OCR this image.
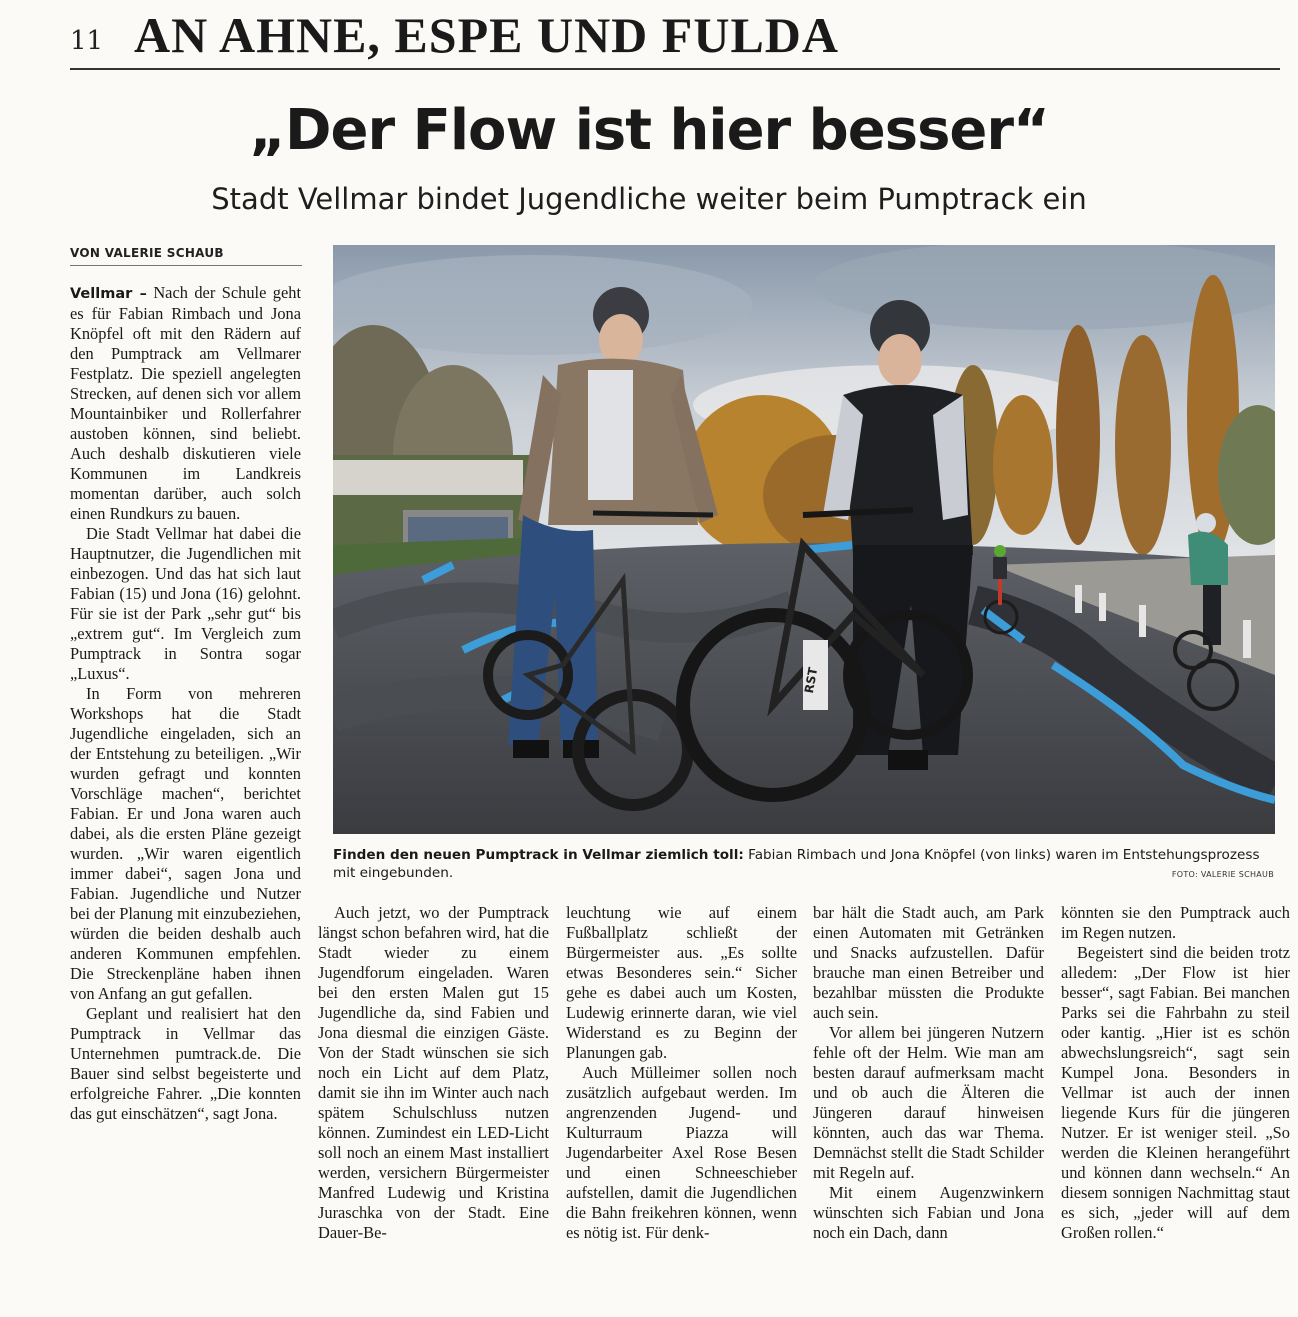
11 AN AHNE, ESPE UND FULDA
„Der Flow ist hier besser“
Stadt Vellmar bindet Jugendliche weiter beim Pumptrack ein
VON VALERIE SCHAUB

Vellmar – Nach der Schule geht es für Fabian Rimbach und Jona Knöpfel oft mit den Rädern auf den Pumptrack am Vellmarer Festplatz. Die speziell angelegten Strecken, auf denen sich vor allem Mountainbiker und Rollerfahrer austoben können, sind beliebt. Auch deshalb diskutieren viele Kommunen im Landkreis momentan darüber, auch solch einen Rundkurs zu bauen.

Die Stadt Vellmar hat dabei die Hauptnutzer, die Jugendlichen mit einbezogen. Und das hat sich laut Fabian (15) und Jona (16) gelohnt. Für sie ist der Park „sehr gut“ bis „extrem gut“. Im Vergleich zum Pumptrack in Sontra sogar „Luxus“.

In Form von mehreren Workshops hat die Stadt Jugendliche eingeladen, sich an der Entstehung zu beteiligen. „Wir wurden gefragt und konnten Vorschläge machen“, berichtet Fabian. Er und Jona waren auch dabei, als die ersten Pläne gezeigt wurden. „Wir waren eigentlich immer dabei“, sagen Jona und Fabian. Jugendliche und Nutzer bei der Planung mit einzubeziehen, würden die beiden deshalb auch anderen Kommunen empfehlen. Die Streckenpläne haben ihnen von Anfang an gut gefallen.

Geplant und realisiert hat den Pumptrack in Vellmar das Unternehmen pumtrack.de. Die Bauer sind selbst begeisterte und erfolgreiche Fahrer. „Die konnten das gut einschätzen“, sagt Jona.

RST
Finden den neuen Pumptrack in Vellmar ziemlich toll: Fabian Rimbach und Jona Knöpfel (von links) waren im Entstehungsprozess mit eingebunden.	FOTO: VALERIE SCHAUB

Auch jetzt, wo der Pumptrack längst schon befahren wird, hat die Stadt wieder zu einem Jugendforum eingeladen. Waren bei den ersten Malen gut 15 Jugendliche da, sind Fabien und Jona diesmal die einzigen Gäste. Von der Stadt wünschen sie sich noch ein Licht auf dem Platz, damit sie ihn im Winter auch nach spätem Schulschluss nutzen können. Zumindest ein LED-Licht soll noch an einem Mast installiert werden, versichern Bürgermeister Manfred Ludewig und Kristina Juraschka von der Stadt. Eine Dauer-Be-

leuchtung wie auf einem Fußballplatz schließt der Bürgermeister aus. „Es sollte etwas Besonderes sein.“ Sicher gehe es dabei auch um Kosten, Ludewig erinnerte daran, wie viel Widerstand es zu Beginn der Planungen gab.

Auch Mülleimer sollen noch zusätzlich aufgebaut werden. Im angrenzenden Jugend- und Kulturraum Piazza will Jugendarbeiter Axel Rose Besen und einen Schneeschieber aufstellen, damit die Jugendlichen die Bahn freikehren können, wenn es nötig ist. Für denk-

bar hält die Stadt auch, am Park einen Automaten mit Getränken und Snacks aufzustellen. Dafür brauche man einen Betreiber und bezahlbar müssten die Produkte auch sein.

Vor allem bei jüngeren Nutzern fehle oft der Helm. Wie man am besten darauf aufmerksam macht und ob auch die Älteren die Jüngeren darauf hinweisen könnten, auch das war Thema. Demnächst stellt die Stadt Schilder mit Regeln auf.

Mit einem Augenzwinkern wünschten sich Fabian und Jona noch ein Dach, dann

könnten sie den Pumptrack auch im Regen nutzen.

Begeistert sind die beiden trotz alledem: „Der Flow ist hier besser“, sagt Fabian. Bei manchen Parks sei die Fahrbahn zu steil oder kantig. „Hier ist es schön abwechslungsreich“, sagt sein Kumpel Jona. Besonders in Vellmar ist auch der innen liegende Kurs für die jüngeren Nutzer. Er ist weniger steil. „So werden die Kleinen herangeführt und können dann wechseln.“ An diesem sonnigen Nachmittag staut es sich, „jeder will auf dem Großen rollen.“
